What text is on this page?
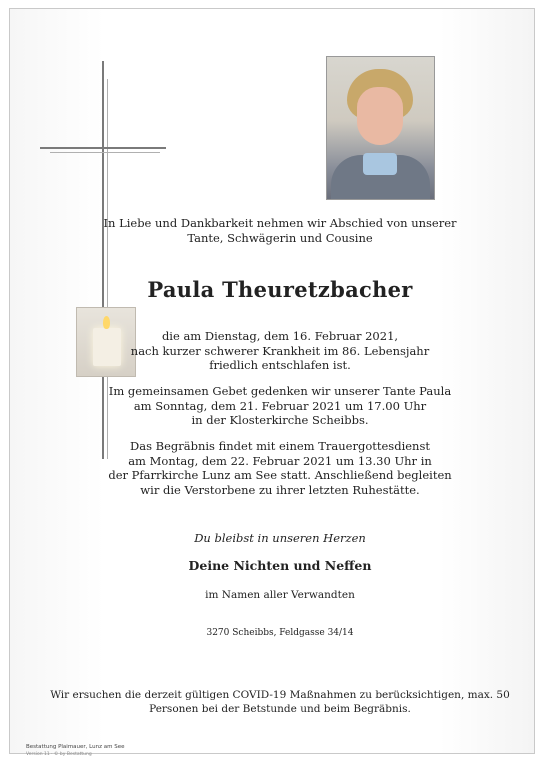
In Liebe und Dankbarkeit nehmen wir Abschied von unserer
Tante, Schwägerin und Cousine
Paula Theuretzbacher
die am Dienstag, dem 16. Februar 2021,
nach kurzer schwerer Krankheit im 86. Lebensjahr
friedlich entschlafen ist.
Im gemeinsamen Gebet gedenken wir unserer Tante Paula
am Sonntag, dem 21. Februar 2021 um 17.00 Uhr
in der Klosterkirche Scheibbs.
Das Begräbnis findet mit einem Trauergottesdienst
am Montag, dem 22. Februar 2021 um 13.30 Uhr in
der Pfarrkirche Lunz am See statt. Anschließend begleiten
wir die Verstorbene zu ihrer letzten Ruhestätte.
Du bleibst in unseren Herzen
Deine Nichten und Neffen
im Namen aller Verwandten
3270 Scheibbs, Feldgasse 34/14
Wir ersuchen die derzeit gültigen COVID-19 Maßnahmen zu berücksichtigen, max. 50
Personen bei der Betstunde und beim Begräbnis.
Bestattung Plaimauer, Lunz am See
Version 11 · © by Bestattung
